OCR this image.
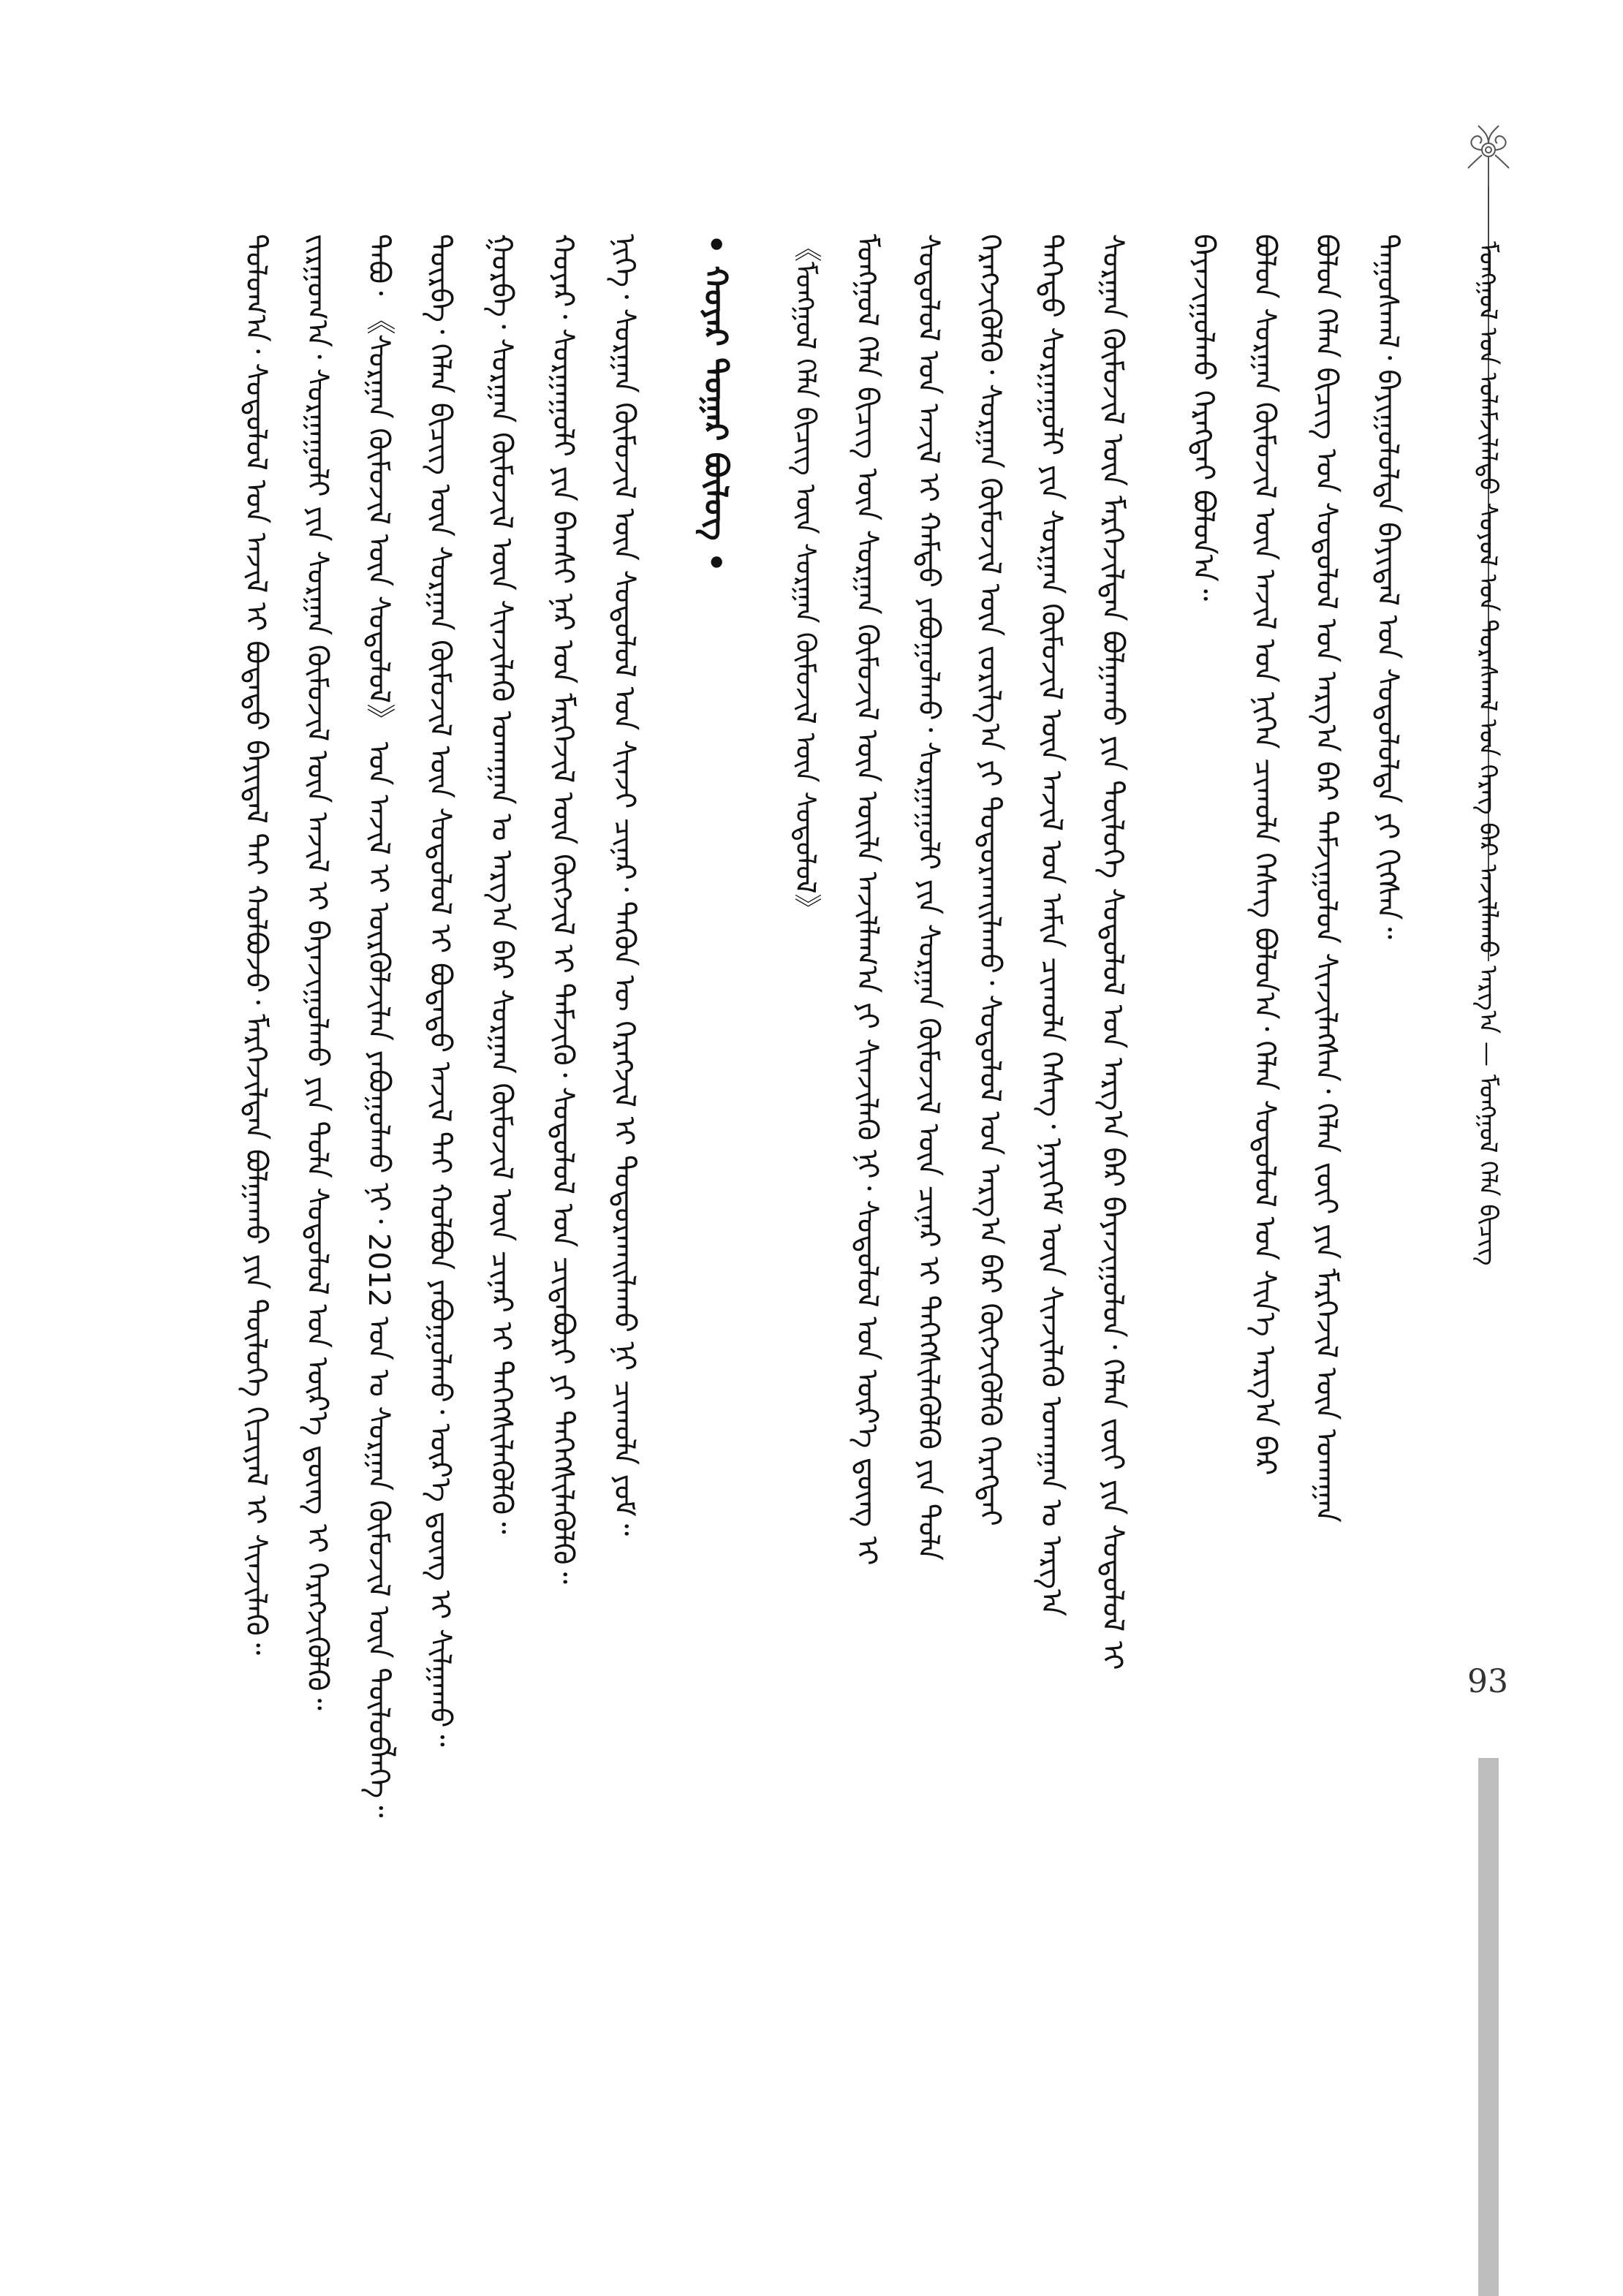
ᠮᠣᠩᠭᠣᠯ ᠤᠨ ᠤᠯᠠᠮᠵᠢᠯᠠᠯᠲᠤ ᠰᠤᠶᠤᠯ ᠤᠨ ᠳᠤᠷᠠᠰᠬᠠᠯ ᠤᠨ ᠬᠡᠷᠡᠭ ᠪᠡᠷ ᠠᠵᠢᠯᠯᠠᠬᠤ ᠠᠷᠭ᠎ᠠ — ᠮᠣᠩᠭᠣᠯ ᠬᠡᠯᠡ ᠪᠢᠴᠢᠭ
ᠳᠠᠭᠤᠰᠬᠠᠯ᠂ ᠪᠠᠶᠢᠭᠤᠯᠤᠯᠲᠠ ᠪᠠᠶᠢᠳᠠᠯ ᠤᠨ ᠰᠤᠳᠤᠯᠤᠯᠲᠠ ᠶᠢ ᠬᠢᠭᠰᠡᠨ᠃
ᠪᠣᠯᠤᠨ ᠬᠡᠯᠡᠨ ᠪᠢᠴᠢᠭ ᠤᠨ ᠰᠤᠳᠤᠯᠤᠯ ᠤᠨ ᠠᠷᠭ᠎ᠠ ᠪᠠᠷ ᠳᠠᠮᠵᠢᠭᠤᠯᠤᠨ ᠰᠢᠨᠵᠢᠯᠡᠭᠰᠡᠨ᠂ ᠬᠡᠯᠡᠨ ᠵᠦᠢ ᠶᠢᠨ ᠮᠡᠷᠭᠡᠵᠢᠯ ᠦᠨ ᠤᠬᠠᠭᠠᠨ
ᠪᠣᠯᠤᠨ ᠰᠤᠷᠭᠠᠨ ᠬᠦᠮᠦᠵᠢᠯ ᠦᠨ ᠠᠵᠢᠯ ᠤᠨ ᠨᠢᠭᠡᠨ ᠴᠢᠬᠤᠯᠠ ᠬᠡᠰᠡᠭ ᠪᠣᠯᠤᠨ᠎ᠠ᠂ ᠬᠡᠯᠡᠨ ᠰᠤᠳᠤᠯᠤᠯ ᠤᠨ ᠰᠢᠨ᠎ᠡ ᠠᠷᠭ᠎ᠠ ᠪᠠᠷ
ᠪᠠᠶᠠᠵᠢᠭᠤᠯᠬᠤ ᠬᠡᠷᠡᠭᠲᠡᠶ ᠪᠣᠯᠤᠨ᠎ᠠ᠃
ᠰᠤᠷᠭᠠᠨ ᠬᠦᠮᠦᠵᠢᠯ ᠦᠨ ᠮᠡᠷᠭᠡᠵᠢᠯᠲᠡᠨ ᠪᠣᠯᠭᠠᠬᠤ ᠶᠢᠨ ᠲᠥᠯᠥᠭᠡ ᠰᠤᠳᠤᠯᠤᠯ ᠤᠨ ᠠᠷᠭ᠎ᠠ ᠪᠠᠷ ᠪᠠᠶᠠᠵᠢᠭᠤᠯᠤᠨ᠂ ᠬᠡᠯᠡᠨ ᠵᠦᠢ ᠶᠢᠨ ᠰᠤᠳᠤᠯᠤᠯ ᠢ
ᠳᠡᠭᠡᠳᠦ ᠰᠤᠷᠭᠠᠭᠤᠯᠢ ᠶᠢᠨ ᠰᠤᠷᠭᠠᠨ ᠬᠦᠮᠦᠵᠢᠯ ᠦᠨ ᠠᠵᠢᠯ ᠤᠨ ᠠᠮᠢᠨ ᠴᠢᠬᠤᠯᠠ ᠬᠡᠰᠡᠭ᠂ ᠨᠡᠶᠢᠭᠡᠮ ᠦᠨ ᠰᠢᠨᠵᠢᠯᠡᠬᠦ ᠤᠬᠠᠭᠠᠨ ᠤ ᠠᠷᠭ᠎ᠠ
ᠬᠡᠷᠡᠭᠵᠢᠭᠦᠯᠬᠦ᠂ ᠰᠤᠷᠭᠠᠨ ᠬᠦᠮᠦᠵᠢᠯ ᠦᠨ ᠵᠣᠷᠢᠯᠭ᠎ᠠ ᠶᠢ ᠲᠣᠳᠤᠷᠬᠠᠢᠯᠠᠬᠤ᠂ ᠰᠤᠳᠤᠯᠤᠯ ᠤᠨ ᠠᠷᠭ᠎ᠠ ᠪᠠᠷ ᠬᠥᠭᠵᠢᠭᠦᠯᠬᠦ ᠬᠡᠷᠡᠭᠲᠡᠶ
ᠰᠤᠳᠤᠯᠤᠯ ᠤᠨ ᠠᠵᠢᠯ ᠢ ᠬᠠᠮᠲᠤ ᠶᠠᠪᠤᠭᠤᠯᠬᠤ᠂ ᠰᠤᠷᠭᠠᠭᠤᠯᠢ ᠶᠢᠨ ᠰᠤᠷᠭᠠᠨ ᠬᠦᠮᠦᠵᠢᠯ ᠦᠨ ᠴᠢᠨᠠᠷ ᠢ ᠳᠡᠭᠡᠭᠰᠢᠯᠡᠭᠦᠯᠬᠦ ᠶᠢᠨ ᠲᠤᠯᠠ
ᠮᠣᠩᠭᠣᠯ ᠬᠡᠯᠡ ᠪᠢᠴᠢᠭ ᠦᠨ ᠰᠤᠷᠭᠠᠨ ᠬᠦᠮᠦᠵᠢᠯ ᠦᠨ ᠦᠢᠯᠡ ᠠᠵᠢᠯᠯᠠᠭ᠎ᠠ ᠶᠢ ᠰᠢᠨᠵᠢᠯᠡᠬᠦ ᠨᠢ᠂ ᠰᠤᠳᠤᠯᠤᠯ ᠤᠨ ᠦᠷ᠎ᠡ ᠳ᠋ᠦᠩ ᠢ
《ᠮᠣᠩᠭᠣᠯ ᠬᠡᠯᠡ ᠪᠢᠴᠢᠭ ᠦᠨ ᠰᠤᠷᠭᠠᠨ ᠬᠦᠮᠦᠵᠢᠯ ᠦᠨ ᠰᠤᠳᠤᠯᠤᠯ》
• ᠬᠣᠶᠠᠷ ᠳᠤᠭᠠᠷ ᠪᠦᠯᠦᠭ •
ᠨᠢᠭᠡ᠂ ᠰᠤᠷᠭᠠᠨ ᠬᠦᠮᠦᠵᠢᠯ ᠦᠨ ᠰᠤᠳᠤᠯᠤᠯ ᠤᠨ ᠰᠢᠨᠵᠢ ᠴᠢᠨᠠᠷ᠂ ᠲᠡᠭᠦᠨ ᠦ ᠬᠡᠷᠡᠭᠵᠢᠯ ᠢ ᠲᠣᠳᠤᠷᠬᠠᠢᠯᠠᠬᠤ ᠨᠢ ᠴᠢᠬᠤᠯᠠ ᠶᠤᠮ᠃
ᠬᠣᠶᠠᠷ᠂ ᠰᠤᠷᠭᠠᠭᠤᠯᠢ ᠶᠢᠨ ᠪᠠᠭᠰᠢ ᠨᠠᠷ ᠤᠨ ᠮᠡᠷᠭᠡᠵᠢᠯ ᠦᠨ ᠬᠥᠭᠵᠢᠯ ᠢ ᠳᠡᠮᠵᠢᠬᠦ᠂ ᠰᠤᠳᠤᠯᠤᠯ ᠤᠨ ᠴᠢᠳᠠᠪᠤᠷᠢ ᠶᠢ ᠳᠡᠭᠡᠭᠰᠢᠯᠡᠭᠦᠯᠬᠦ᠃
ᠭᠤᠷᠪᠠ᠂ ᠰᠤᠷᠭᠠᠨ ᠬᠦᠮᠦᠵᠢᠯ ᠦᠨ ᠰᠢᠨᠵᠢᠯᠡᠬᠦ ᠤᠬᠠᠭᠠᠨ ᠤ ᠠᠷᠭ᠎ᠠ ᠪᠠᠷ ᠰᠤᠷᠭᠠᠨ ᠬᠦᠮᠦᠵᠢᠯ ᠦᠨ ᠴᠢᠨᠠᠷ ᠢ ᠳᠡᠭᠡᠭᠰᠢᠯᠡᠭᠦᠯᠬᠦ᠃
ᠳᠥᠷᠪᠡ᠂ ᠬᠡᠯᠡᠨ ᠪᠢᠴᠢᠭ ᠦᠨ ᠰᠤᠷᠭᠠᠨ ᠬᠦᠮᠦᠵᠢᠯ ᠦᠨ ᠰᠤᠳᠤᠯᠤᠯ ᠢ ᠪᠣᠳᠠᠲᠤ ᠠᠵᠢᠯ ᠲᠠᠢ ᠬᠣᠯᠪᠣᠨ ᠶᠠᠪᠤᠭᠤᠯᠬᠤ᠂ ᠦᠷ᠎ᠡ ᠳ᠋ᠦᠩ ᠢ ᠰᠢᠯᠭᠠᠬᠤ᠃
ᠲᠠᠪᠤ᠂ 《ᠰᠤᠷᠭᠠᠨ ᠬᠦᠮᠦᠵᠢᠯ ᠦᠨ ᠰᠤᠳᠤᠯᠤᠯ》 ᠤᠨ ᠠᠵᠢᠯ ᠢ ᠦᠷᠭᠦᠯᠵᠢᠯᠡᠨ ᠶᠠᠪᠤᠭᠤᠯᠬᠤ ᠨᠢ᠂ 2012 ᠣᠨ ᠤ ᠰᠤᠷᠭᠠᠨ ᠬᠦᠮᠦᠵᠢᠯ ᠦᠨ ᠲᠥᠯᠥᠪᠯᠡᠭᠡ᠃
ᠵᠢᠷᠭᠤᠭ᠎ᠠ᠂ ᠰᠤᠷᠭᠠᠭᠤᠯᠢ ᠶᠢᠨ ᠰᠤᠷᠭᠠᠨ ᠬᠦᠮᠦᠵᠢᠯ ᠦᠨ ᠠᠵᠢᠯ ᠢ ᠪᠠᠶᠠᠵᠢᠭᠤᠯᠬᠤ ᠶᠢᠨ ᠲᠤᠯᠠ ᠰᠤᠳᠤᠯᠤᠯ ᠤᠨ ᠦᠷ᠎ᠡ ᠳ᠋ᠦᠩ ᠢ ᠬᠡᠷᠡᠭᠵᠢᠭᠦᠯᠬᠦ᠃
ᠳᠣᠯᠣᠭ᠎ᠠ᠂ ᠰᠤᠳᠤᠯᠤᠯ ᠤᠨ ᠠᠵᠢᠯ ᠢ ᠪᠣᠳᠠᠲᠤ ᠪᠠᠶᠢᠳᠠᠯ ᠲᠠᠢ ᠬᠣᠯᠪᠣᠵᠤ᠂ ᠮᠡᠷᠭᠡᠵᠢᠯᠲᠡᠨ ᠪᠣᠯᠭᠠᠬᠤ ᠶᠢᠨ ᠲᠥᠯᠥᠭᠡ ᠬᠢᠴᠢᠶᠡᠯ ᠢ ᠰᠢᠨᠵᠢᠯᠡᠬᠦ᠃
93
